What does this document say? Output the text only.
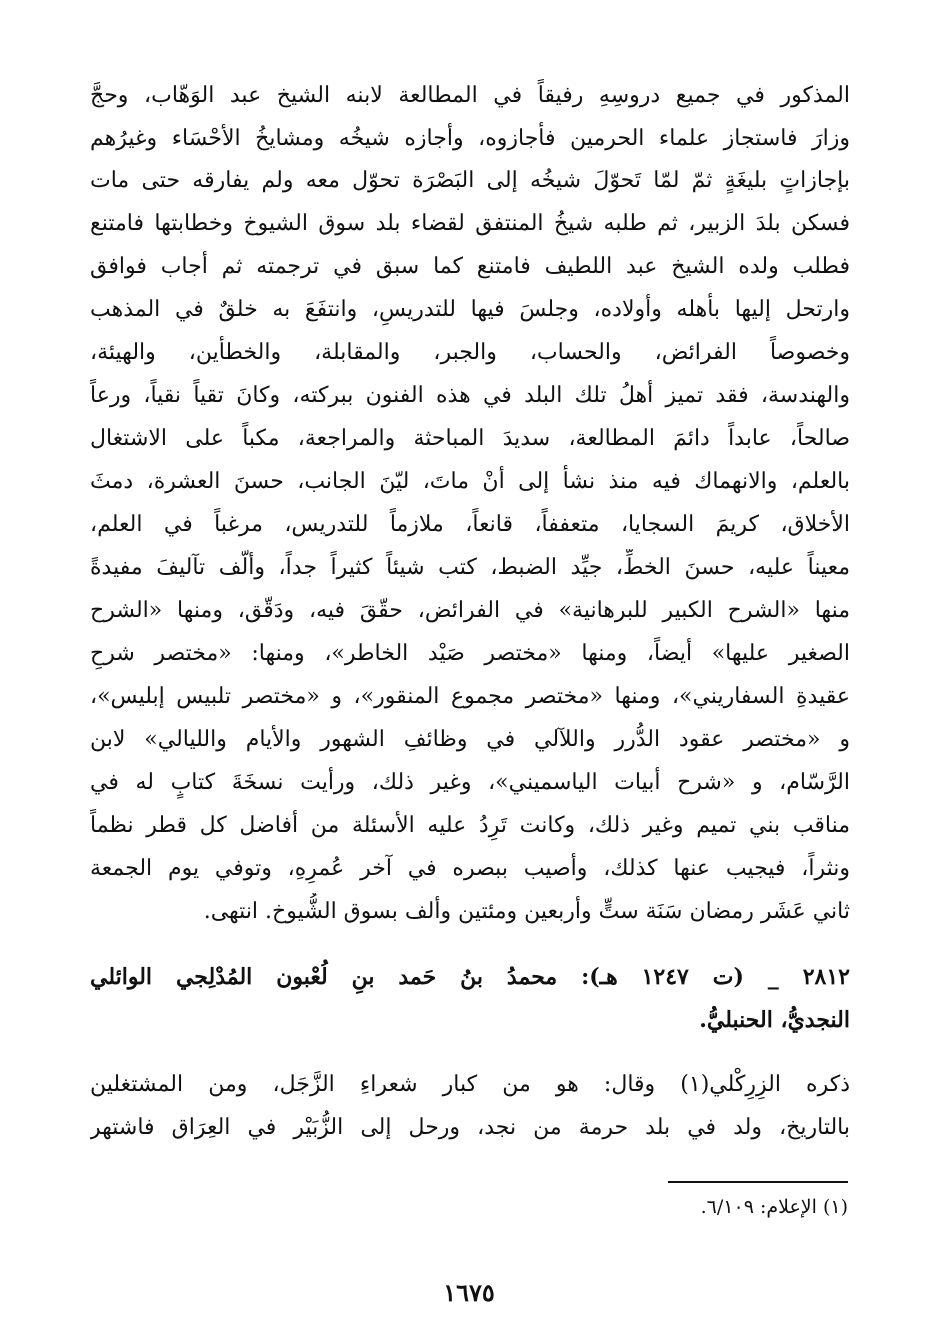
المذكور في جميع دروسِهِ رفيقاً في المطالعة لابنه الشيخ عبد الوَهّاب، وحجَّ
وزارَ فاستجاز علماء الحرمين فأجازوه، وأجازه شيخُه ومشايخُ الأحْسَاء وغيرُهم
بإجازاتٍ بليغَةٍ ثمّ لمّا تَحوّلَ شيخُه إلى البَصْرَة تحوّل معه ولم يفارقه حتى مات
فسكن بلدَ الزبير، ثم طلبه شيخُ المنتفق لقضاء بلد سوق الشيوخ وخطابتها فامتنع
فطلب ولده الشيخ عبد اللطيف فامتنع كما سبق في ترجمته ثم أجاب فوافق
وارتحل إليها بأهله وأولاده، وجلسَ فيها للتدريسِ، وانتفَعَ به خلقٌ في المذهب
وخصوصاً الفرائض، والحساب، والجبر، والمقابلة، والخطأين، والهيئة،
والهندسة، فقد تميز أهلُ تلك البلد في هذه الفنون ببركته، وكانَ تقياً نقياً، ورعاً
صالحاً، عابداً دائمَ المطالعة، سديدَ المباحثة والمراجعة، مكباً على الاشتغال
بالعلم، والانهماك فيه منذ نشأ إلى أنْ ماتَ، ليّنَ الجانب، حسنَ العشرة، دمثَ
الأخلاق، كريمَ السجايا، متعففاً، قانعاً، ملازماً للتدريس، مرغباً في العلم،
معيناً عليه، حسنَ الخطِّ، جيِّد الضبط، كتب شيئاً كثيراً جداً، وألّف تآليفَ مفيدةً
منها «الشرح الكبير للبرهانية» في الفرائض، حقّقَ فيه، ودَقّق، ومنها «الشرح
الصغير عليها» أيضاً، ومنها «مختصر صَيْد الخاطر»، ومنها: «مختصر شرحِ
عقيدةِ السفاريني»، ومنها «مختصر مجموع المنقور»، و «مختصر تلبيس إبليس»،
و «مختصر عقود الدُّرر واللآلي في وظائفِ الشهور والأيام والليالي» لابن
الرَّسّام، و «شرح أبيات الياسميني»، وغير ذلك، ورأيت نسخَةَ كتابٍ له في
مناقب بني تميم وغير ذلك، وكانت تَرِدُ عليه الأسئلة من أفاضل كل قطر نظماً
ونثراً، فيجيب عنها كذلك، وأصيب ببصره في آخر عُمرِهِ، وتوفي يوم الجمعة
ثاني عَشَر رمضان سَنَة ستٍّ وأربعين ومئتين وألف بسوق الشُّيوخ. انتهى.
٢٨١٢ _ (ت ١٢٤٧ هـ): محمدُ بنُ حَمد بنِ لُعْبون المُدْلِجي الوائلي
النجديُّ، الحنبليُّ.
ذكره الزِرِكْلي(١) وقال: هو من كبار شعراءِ الزَّجَل، ومن المشتغلين
بالتاريخ، ولد في بلد حرمة من نجد، ورحل إلى الزُّبَيْر في العِرَاق فاشتهر
(١) الإعلام: ٦/١٠٩.
١٦٧٥
